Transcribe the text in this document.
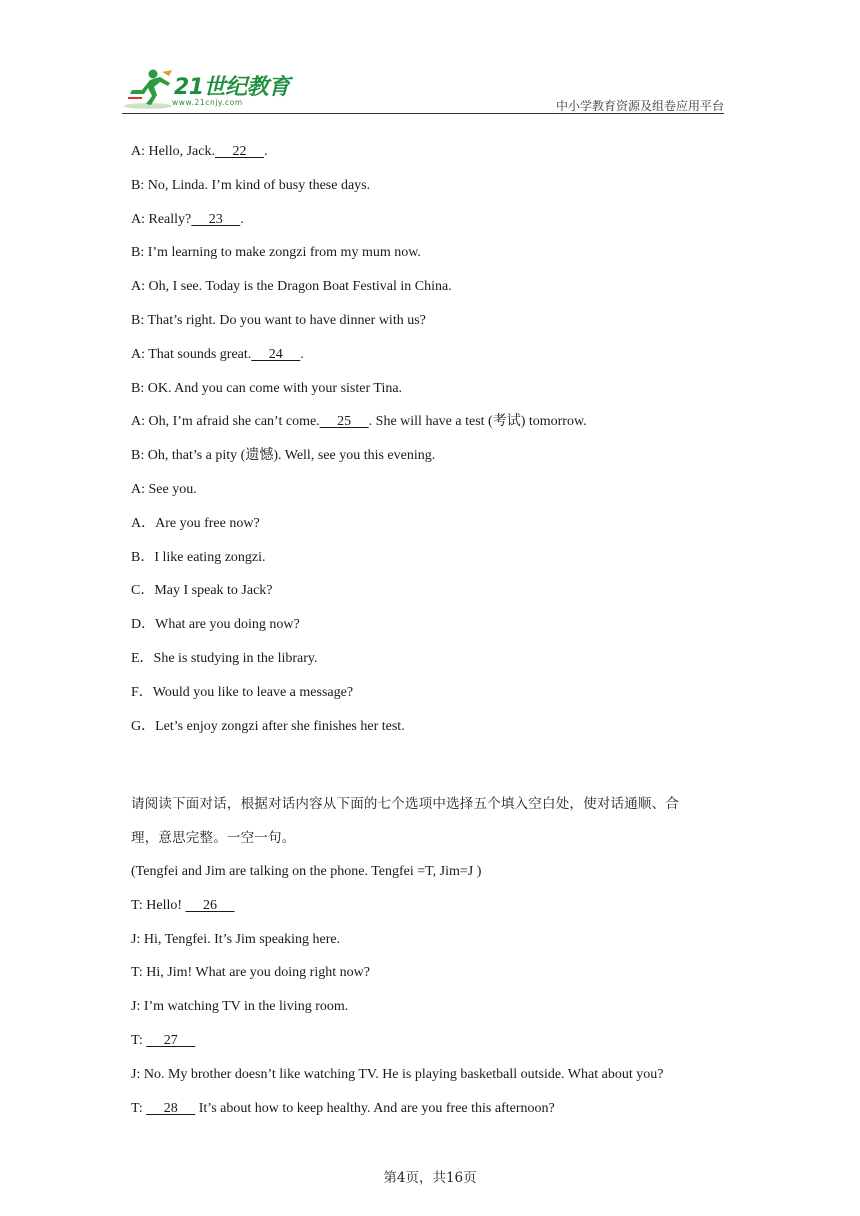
21世纪教育
www.21cnjy.com	中小学教育资源及组卷应用平台
A: Hello, Jack.     22     .
B: No, Linda. I’m kind of busy these days.
A: Really?     23     .
B: I’m learning to make zongzi from my mum now.
A: Oh, I see. Today is the Dragon Boat Festival in China.
B: That’s right. Do you want to have dinner with us?
A: That sounds great.     24     .
B: OK. And you can come with your sister Tina.
A: Oh, I’m afraid she can’t come.     25     . She will have a test (考试) tomorrow.
B: Oh, that’s a pity (遗憾). Well, see you this evening.
A: See you.
A．Are you free now?
B．I like eating zongzi.
C．May I speak to Jack?
D．What are you doing now?
E．She is studying in the library.
F．Would you like to leave a message?
G．Let’s enjoy zongzi after she finishes her test.
请阅读下面对话，根据对话内容从下面的七个选项中选择五个填入空白处，使对话通顺、合
理，意思完整。一空一句。
(Tengfei and Jim are talking on the phone. Tengfei =T, Jim=J )
T: Hello!      26
J: Hi, Tengfei. It’s Jim speaking here.
T: Hi, Jim! What are you doing right now?
J: I’m watching TV in the living room.
T:      27
J: No. My brother doesn’t like watching TV. He is playing basketball outside. What about you?
T:      28      It’s about how to keep healthy. And are you free this afternoon?
第4页，共16页
